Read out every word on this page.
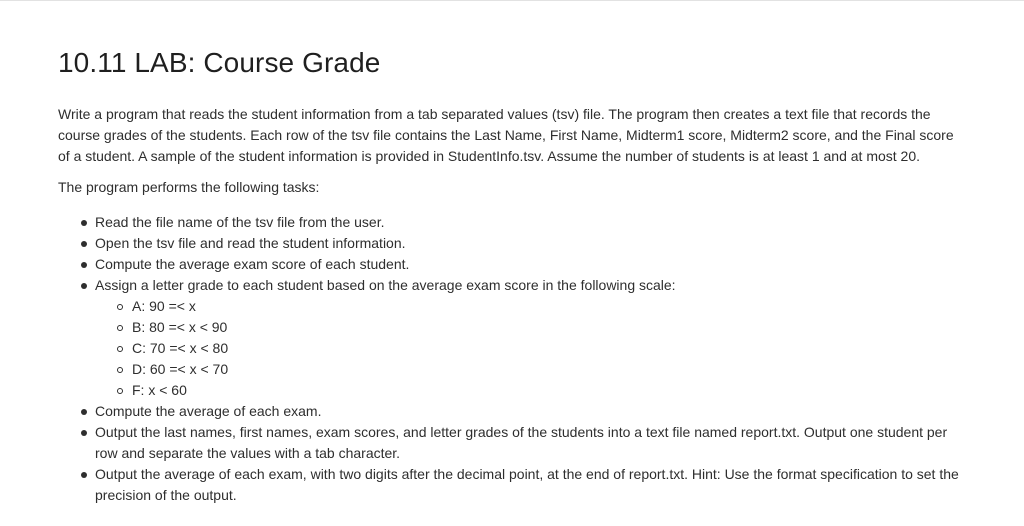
10.11 LAB: Course Grade

Write a program that reads the student information from a tab separated values (tsv) file. The program then creates a text file that records the course grades of the students. Each row of the tsv file contains the Last Name, First Name, Midterm1 score, Midterm2 score, and the Final score of a student. A sample of the student information is provided in StudentInfo.tsv. Assume the number of students is at least 1 and at most 20.

The program performs the following tasks:

Read the file name of the tsv file from the user.
Open the tsv file and read the student information.
Compute the average exam score of each student.
Assign a letter grade to each student based on the average exam score in the following scale:
A: 90 =< x
B: 80 =< x < 90
C: 70 =< x < 80
D: 60 =< x < 70
F: x < 60
Compute the average of each exam.
Output the last names, first names, exam scores, and letter grades of the students into a text file named report.txt. Output one student per row and separate the values with a tab character.
Output the average of each exam, with two digits after the decimal point, at the end of report.txt. Hint: Use the format specification to set the precision of the output.
